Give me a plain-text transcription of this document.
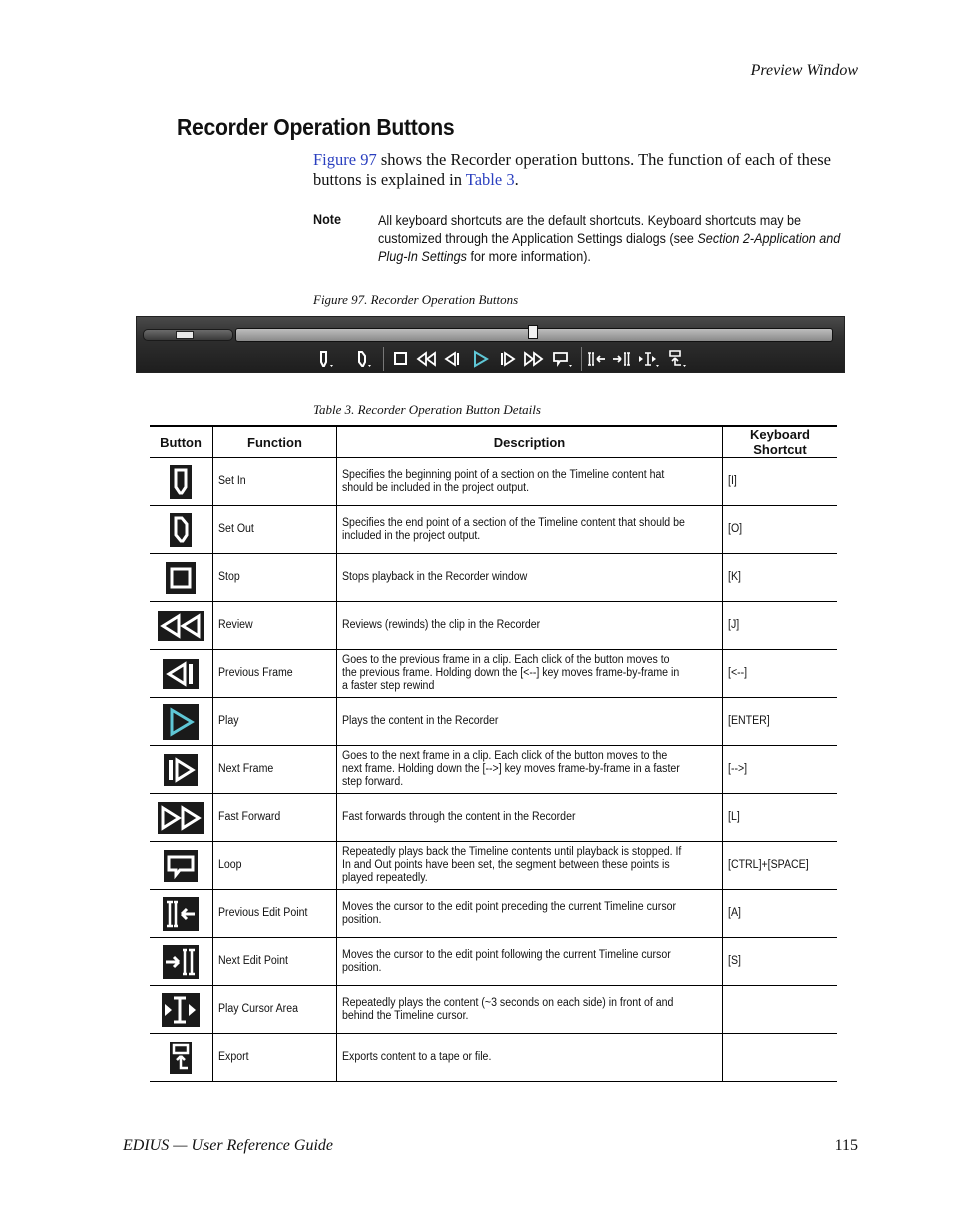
Preview Window
Recorder Operation Buttons

Figure 97 shows the Recorder operation buttons. The function of each of these buttons is explained in Table 3.

Note	All keyboard shortcuts are the default shortcuts. Keyboard shortcuts may be customized through the Application Settings dialogs (see Section 2-Application and Plug-In Settings for more information).
Figure 97. Recorder Operation Buttons
Table 3. Recorder Operation Button Details
Button	Function	Description	Keyboard Shortcut

	Set In	Specifies the beginning point of a section on the Timeline content hat should be included in the project output.	[I]

	Set Out	Specifies the end point of a section of the Timeline content that should be included in the project output.	[O]

	Stop	Stops playback in the Recorder window	[K]

	Review	Reviews (rewinds) the clip in the Recorder	[J]

	Previous Frame	Goes to the previous frame in a clip. Each click of the button moves to the previous frame. Holding down the [<--] key moves frame-by-frame in a faster step rewind	[<--]

	Play	Plays the content in the Recorder	[ENTER]

	Next Frame	Goes to the next frame in a clip. Each click of the button moves to the next frame. Holding down the [-->] key moves frame-by-frame in a faster step forward.	[-->]

	Fast Forward	Fast forwards through the content in the Recorder	[L]

	Loop	Repeatedly plays back the Timeline contents until playback is stopped. If In and Out points have been set, the segment between these points is played repeatedly.	[CTRL]+[SPACE]

	Previous Edit Point	Moves the cursor to the edit point preceding the current Timeline cursor position.	[A]

	Next Edit Point	Moves the cursor to the edit point following the current Timeline cursor position.	[S]

	Play Cursor Area	Repeatedly plays the content (~3 seconds on each side) in front of and behind the Timeline cursor.	

	Export	Exports content to a tape or file.	
EDIUS — User Reference Guide	115
